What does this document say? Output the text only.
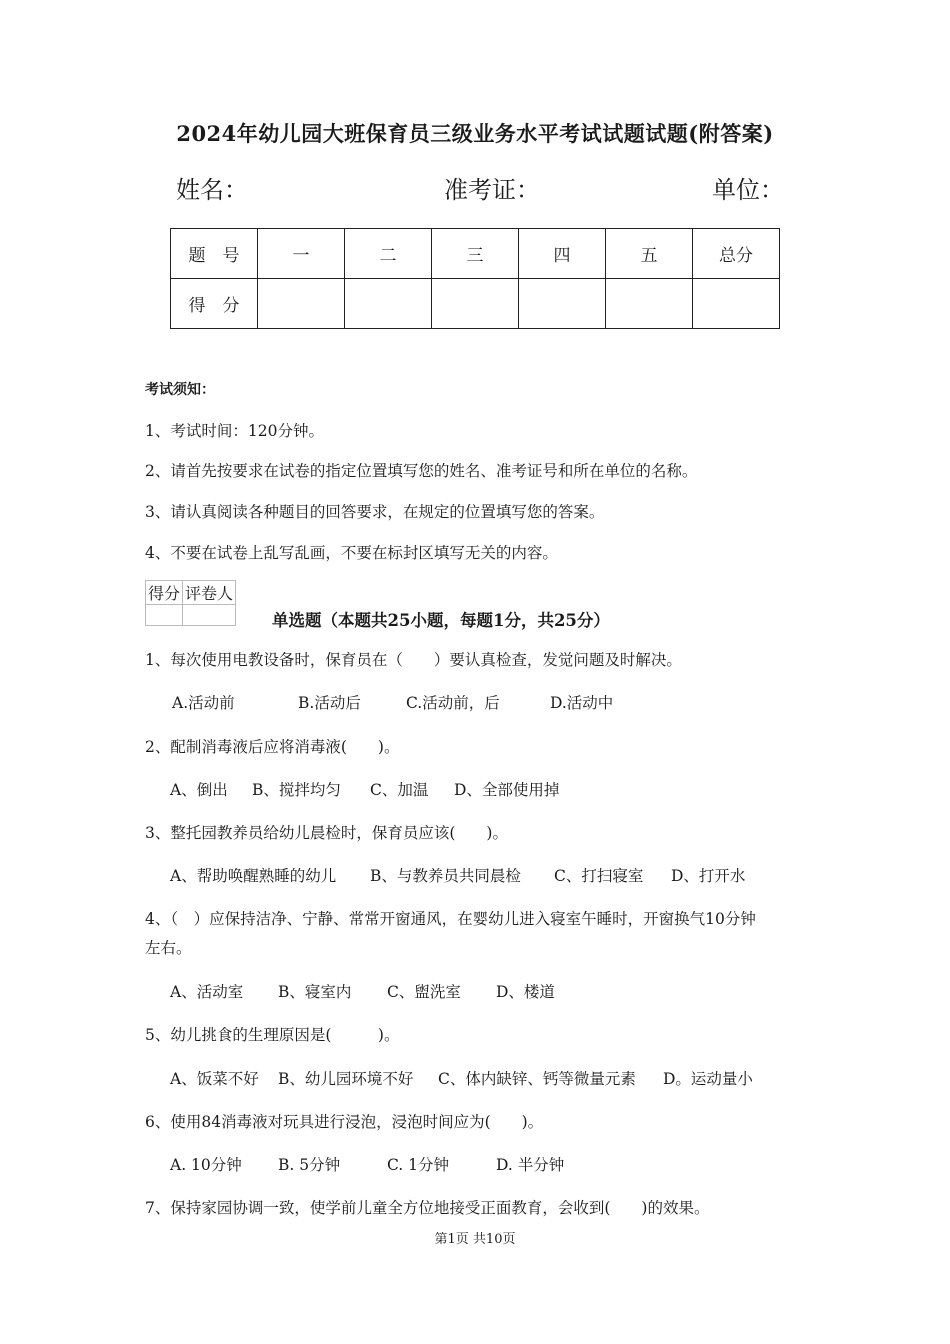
2024年幼儿园大班保育员三级业务水平考试试题试题(附答案)
姓名：	准考证：	单位：
题　号	一	二	三	四	五	总分
得　分						
考试须知：
1、考试时间：120分钟。
2、请首先按要求在试卷的指定位置填写您的姓名、准考证号和所在单位的名称。
3、请认真阅读各种题目的回答要求，在规定的位置填写您的答案。
4、不要在试卷上乱写乱画，不要在标封区填写无关的内容。
得分	评卷人

单选题（本题共25小题，每题1分，共25分）
1、每次使用电教设备时，保育员在（　　）要认真检查，发觉问题及时解决。
A.活动前	B.活动后	C.活动前，后	D.活动中
2、配制消毒液后应将消毒液(　　)。
A、倒出 B、搅拌均匀 C、加温 D、全部使用掉
3、整托园教养员给幼儿晨检时，保育员应该(　　)。
A、帮助唤醒熟睡的幼儿 B、与教养员共同晨检 C、打扫寝室 D、打开水
4、（　）应保持洁净、宁静、常常开窗通风，在婴幼儿进入寝室午睡时，开窗换气10分钟
左右。
A、活动室 B、寝室内 C、盥洗室 D、楼道
5、幼儿挑食的生理原因是(　　　)。
A、饭菜不好 B、幼儿园环境不好 C、体内缺锌、钙等微量元素 D。运动量小
6、使用84消毒液对玩具进行浸泡，浸泡时间应为(　　)。
A. 10分钟 B. 5分钟	C. 1分钟	D. 半分钟
7、保持家园协调一致，使学前儿童全方位地接受正面教育，会收到(　　)的效果。
第1页 共10页
